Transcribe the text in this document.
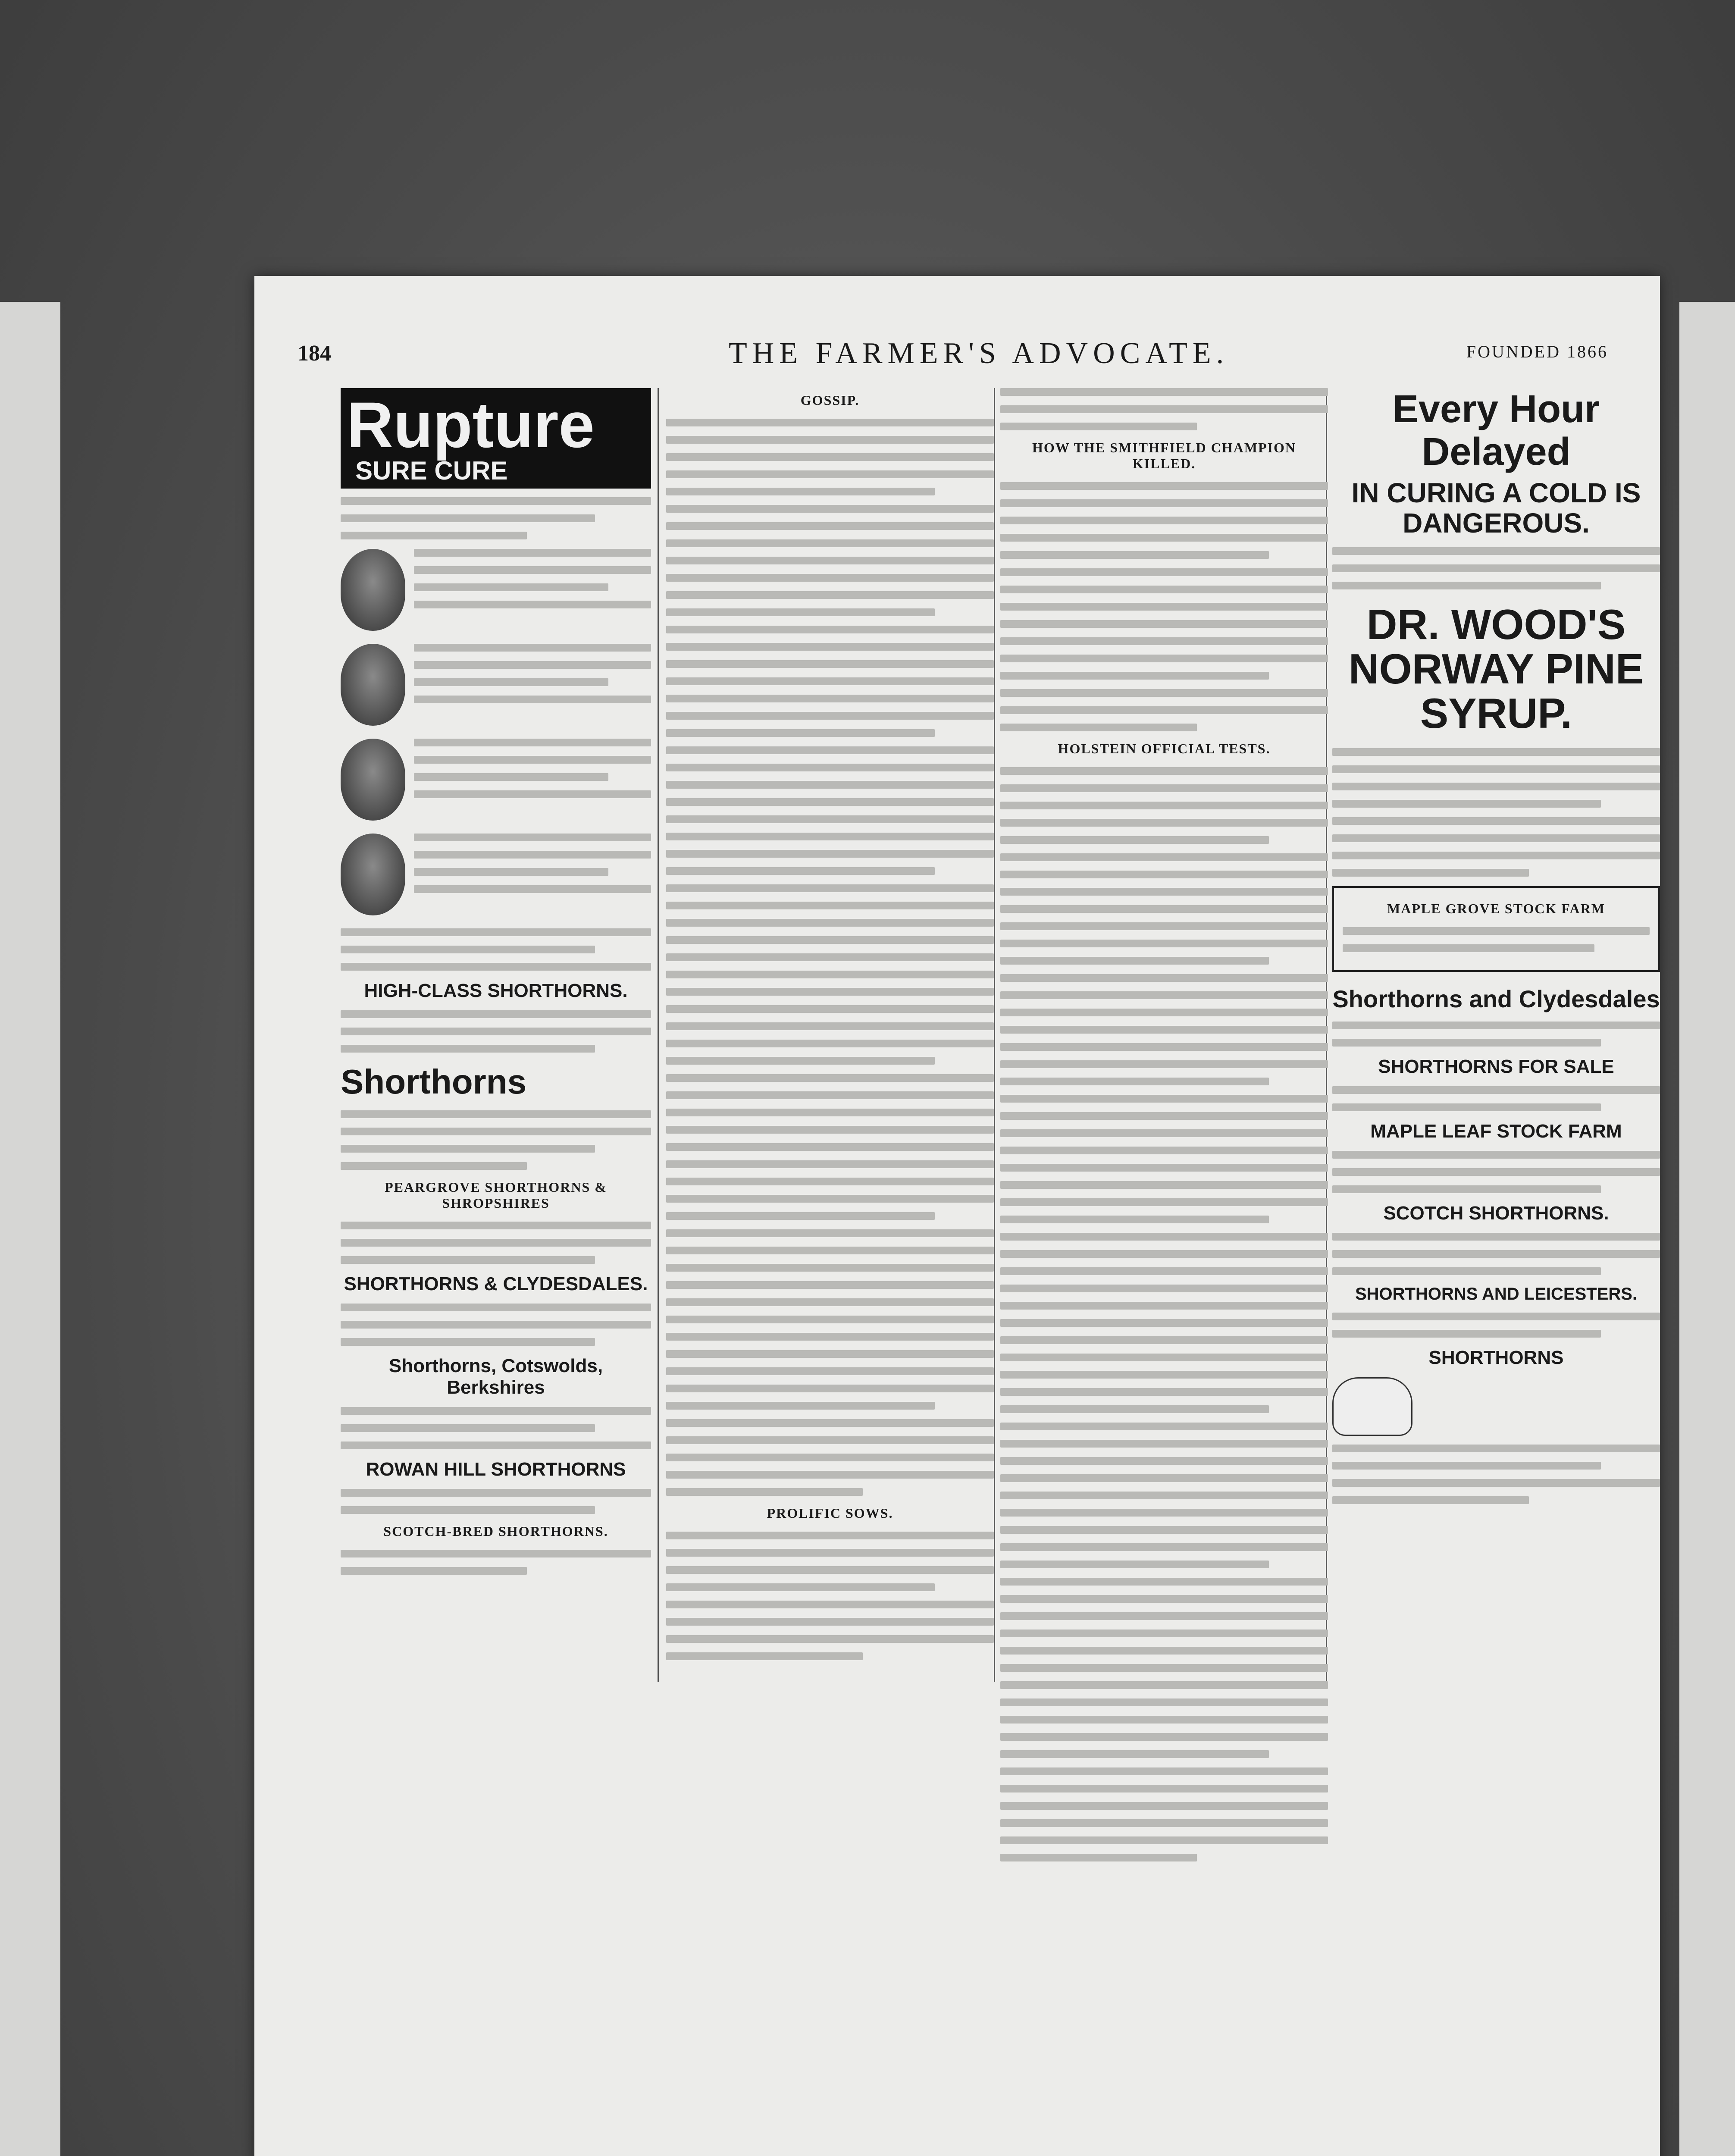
184	THE FARMER'S ADVOCATE.	FOUNDED 1866
Rupture SURE CURE
HIGH-CLASS SHORTHORNS.
Shorthorns
PEARGROVE SHORTHORNS & SHROPSHIRES
SHORTHORNS & CLYDESDALES.
Shorthorns, Cotswolds, Berkshires
ROWAN HILL SHORTHORNS
SCOTCH-BRED SHORTHORNS.
GOSSIP.
PROLIFIC SOWS.
HOW THE SMITHFIELD CHAMPION KILLED.
HOLSTEIN OFFICIAL TESTS.
Every Hour Delayed
IN CURING A COLD IS DANGEROUS.
DR. WOOD'S NORWAY PINE SYRUP.
MAPLE GROVE STOCK FARM
Shorthorns and Clydesdales
SHORTHORNS FOR SALE
MAPLE LEAF STOCK FARM
SCOTCH SHORTHORNS.
SHORTHORNS AND LEICESTERS.
SHORTHORNS
